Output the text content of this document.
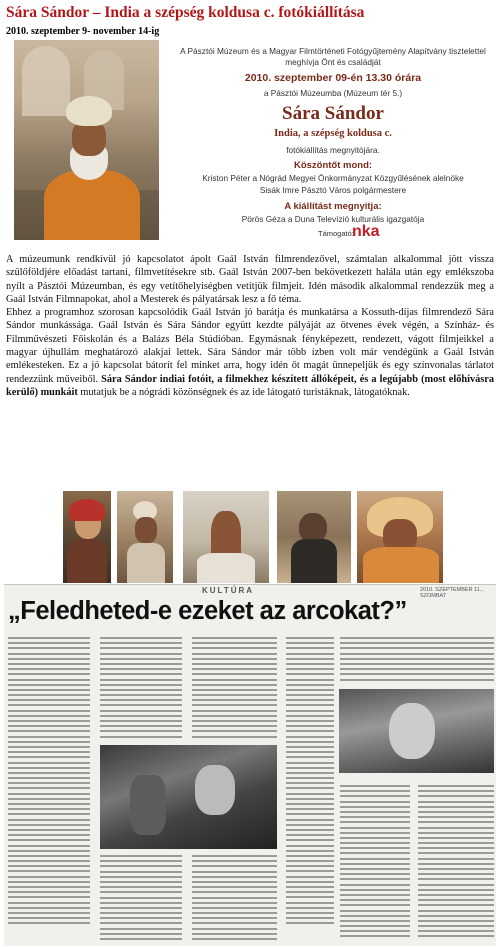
Sára Sándor – India a szépség koldusa c. fotókiállítása
2010. szeptember 9- november 14-ig
A Pásztói Múzeum és a Magyar Filmtörténeti Fotógyűjtemény Alapítvány tisztelettel meghívja Önt és családját
2010. szeptember 09-én 13.30 órára
a Pásztói Múzeumba (Múzeum tér 5.)
Sára Sándor
India, a szépség koldusa c.
fotókiállítás megnyitójára.
Köszöntőt mond:
Kriston Péter a Nógrád Megyei Önkormányzat Közgyűlésének alelnöke
Sisák Imre Pásztó Város polgármestere
A kiállítást megnyitja:
Pörös Géza a Duna Televízió kulturális igazgatója
Támogató:
nka

A múzeumunk rendkívül jó kapcsolatot ápolt Gaál István filmrendezővel, számtalan alkalommal jött vissza szülőföldjére előadást tartani, filmvetítésekre stb. Gaál István 2007-ben bekövetkezett halála után egy emlékszoba nyílt a Pásztói Múzeumban, és egy vetítőhelyiségben vetítjük filmjeit. Idén második alkalommal rendezzük meg a Gaál István Filmnapokat, ahol a Mesterek és pályatársak lesz a fő téma.

Ehhez a programhoz szorosan kapcsolódik Gaál István jó barátja és munkatársa a Kossuth-díjas filmrendező Sára Sándor munkássága. Gaál István és Sára Sándor együtt kezdte pályáját az ötvenes évek végén, a Színház- és Filmművészeti Főiskolán és a Balázs Béla Stúdióban. Egymásnak fényképezett, rendezett, vágott filmjeikkel a magyar újhullám meghatározó alakjai lettek. Sára Sándor már több ízben volt már vendégünk a Gaál István emlékesteken. Ez a jó kapcsolat bátorít fel minket arra, hogy idén őt magát ünnepeljük és egy színvonalas tárlatot rendezzünk műveiből. Sára Sándor indiai fotóit, a filmekhez készített állóképeit, és a legújabb (most előhívásra kerülő) munkáit mutatjuk be a nógrádi közönségnek és az ide látogató turistáknak, látogatóknak.

KULTÚRA	2010. SZEPTEMBER 11., SZOMBAT
„Feledheted-e ezeket az arcokat?”
